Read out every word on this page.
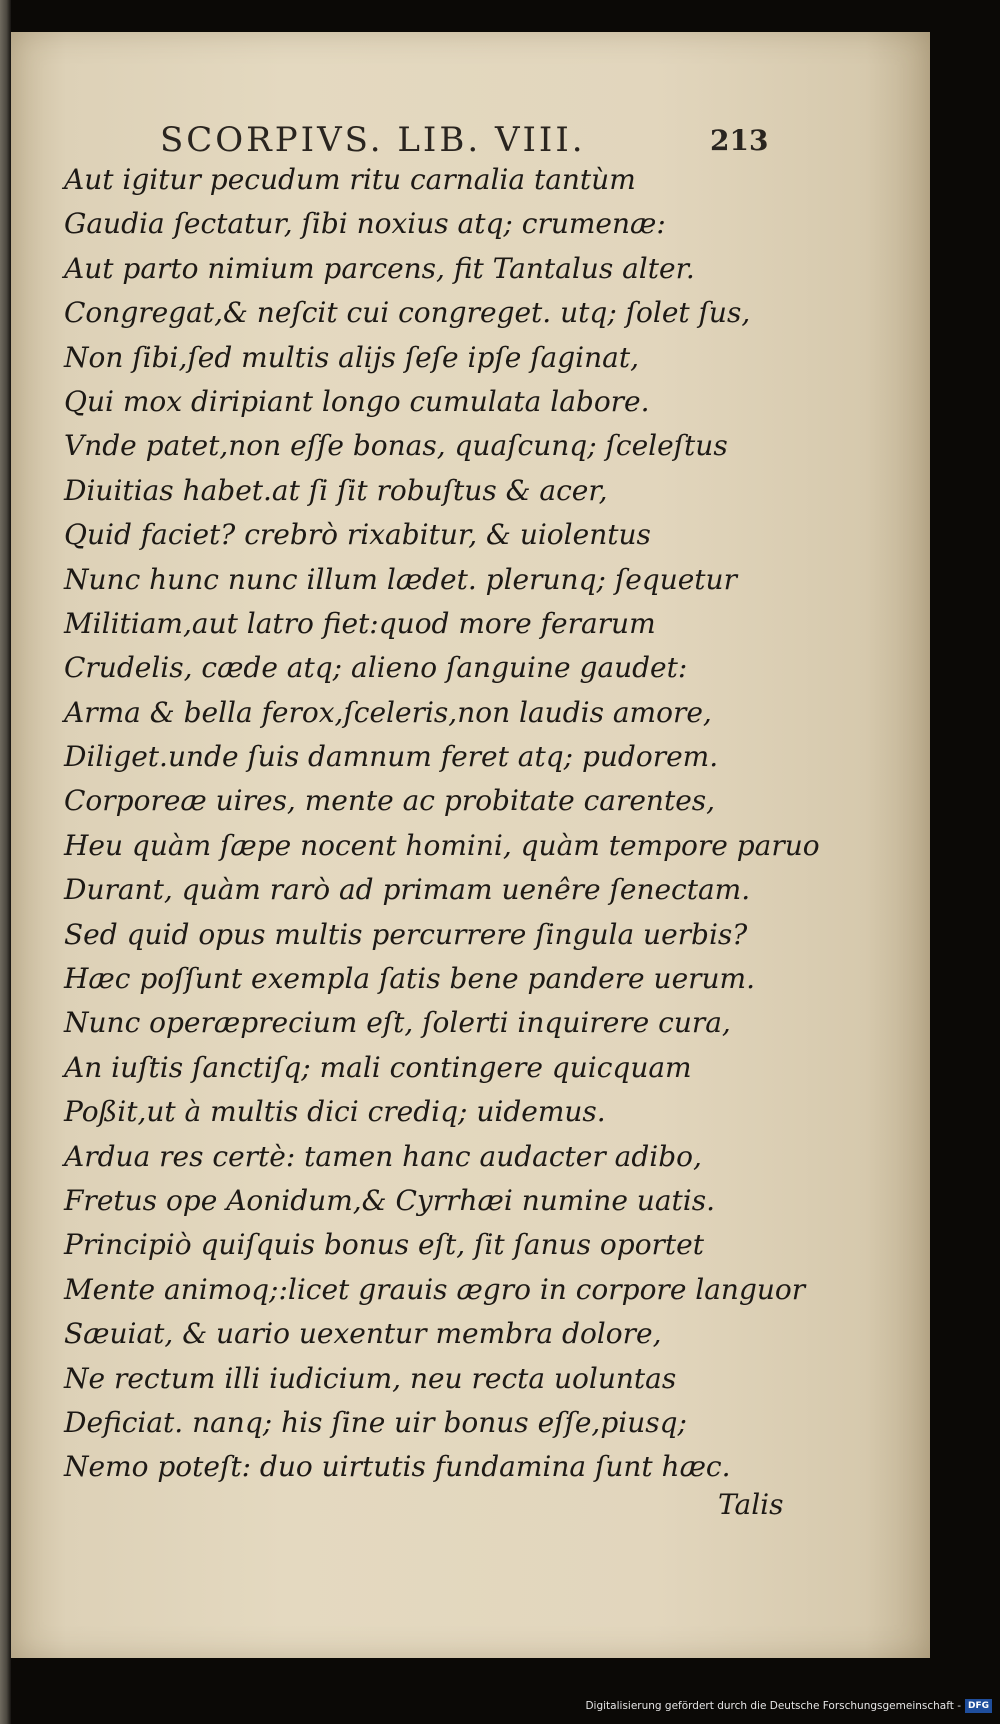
SCORPIVS. LIB. VIII.	213
Aut igitur pecudum ritu carnalia tantùm
Gaudia ſectatur, ſibi noxius atq; crumenæ:
Aut parto nimium parcens, fit Tantalus alter.
Congregat,& neſcit cui congreget. utq; ſolet ſus,
Non ſibi,ſed multis alijs ſeſe ipſe ſaginat,
Qui mox diripiant longo cumulata labore.
Vnde patet,non eſſe bonas, quaſcunq; ſceleſtus
Diuitias habet.at ſi ſit robuſtus & acer,
Quid faciet? crebrò rixabitur, & uiolentus
Nunc hunc nunc illum lædet. plerunq; ſequetur
Militiam,aut latro fiet:quod more ferarum
Crudelis, cæde atq; alieno ſanguine gaudet:
Arma & bella ferox,ſceleris,non laudis amore,
Diliget.unde ſuis damnum feret atq; pudorem.
Corporeæ uires, mente ac probitate carentes,
Heu quàm ſæpe nocent homini, quàm tempore paruo
Durant, quàm rarò ad primam uenêre ſenectam.
Sed quid opus multis percurrere ſingula uerbis?
Hæc poſſunt exempla ſatis bene pandere uerum.
Nunc operæprecium eſt, ſolerti inquirere cura,
An iuſtis ſanctiſq; mali contingere quicquam
Poßit,ut à multis dici crediq; uidemus.
Ardua res certè: tamen hanc audacter adibo,
Fretus ope Aonidum,& Cyrrhæi numine uatis.
Principiò quiſquis bonus eſt, ſit ſanus oportet
Mente animoq;:licet grauis ægro in corpore languor
Sæuiat, & uario uexentur membra dolore,
Ne rectum illi iudicium, neu recta uoluntas
Deficiat. nanq; his ſine uir bonus eſſe,piusq;
Nemo poteſt: duo uirtutis fundamina ſunt hæc.
Talis
Digitalisierung gefördert durch die Deutsche Forschungsgemeinschaft - DFG
